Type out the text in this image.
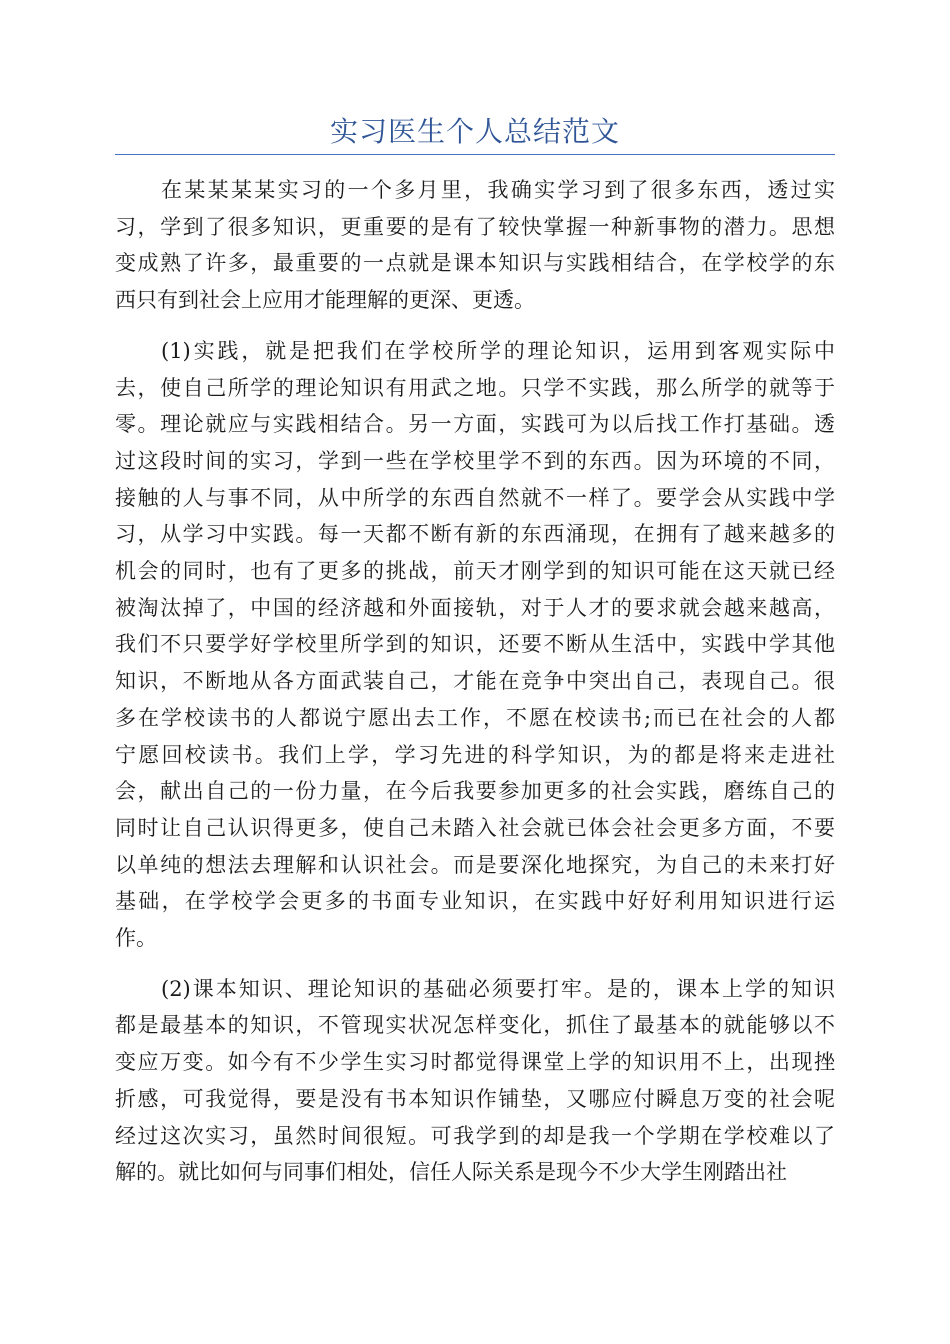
实习医生个人总结范文

在某某某某实习的一个多月里，我确实学习到了很多东西，透过实
习，学到了很多知识，更重要的是有了较快掌握一种新事物的潜力。思想
变成熟了许多，最重要的一点就是课本知识与实践相结合，在学校学的东
西只有到社会上应用才能理解的更深、更透。

(1)实践，就是把我们在学校所学的理论知识，运用到客观实际中
去，使自己所学的理论知识有用武之地。只学不实践，那么所学的就等于
零。理论就应与实践相结合。另一方面，实践可为以后找工作打基础。透
过这段时间的实习，学到一些在学校里学不到的东西。因为环境的不同，
接触的人与事不同，从中所学的东西自然就不一样了。要学会从实践中学
习，从学习中实践。每一天都不断有新的东西涌现，在拥有了越来越多的
机会的同时，也有了更多的挑战，前天才刚学到的知识可能在这天就已经
被淘汰掉了，中国的经济越和外面接轨，对于人才的要求就会越来越高，
我们不只要学好学校里所学到的知识，还要不断从生活中，实践中学其他
知识，不断地从各方面武装自己，才能在竞争中突出自己，表现自己。很
多在学校读书的人都说宁愿出去工作，不愿在校读书;而已在社会的人都
宁愿回校读书。我们上学，学习先进的科学知识，为的都是将来走进社
会，献出自己的一份力量，在今后我要参加更多的社会实践，磨练自己的
同时让自己认识得更多，使自己未踏入社会就已体会社会更多方面，不要
以单纯的想法去理解和认识社会。而是要深化地探究，为自己的未来打好
基础，在学校学会更多的书面专业知识，在实践中好好利用知识进行运
作。

(2)课本知识、理论知识的基础必须要打牢。是的，课本上学的知识
都是最基本的知识，不管现实状况怎样变化，抓住了最基本的就能够以不
变应万变。如今有不少学生实习时都觉得课堂上学的知识用不上，出现挫
折感，可我觉得，要是没有书本知识作铺垫，又哪应付瞬息万变的社会呢
经过这次实习，虽然时间很短。可我学到的却是我一个学期在学校难以了
解的。就比如何与同事们相处，信任人际关系是现今不少大学生刚踏出社
